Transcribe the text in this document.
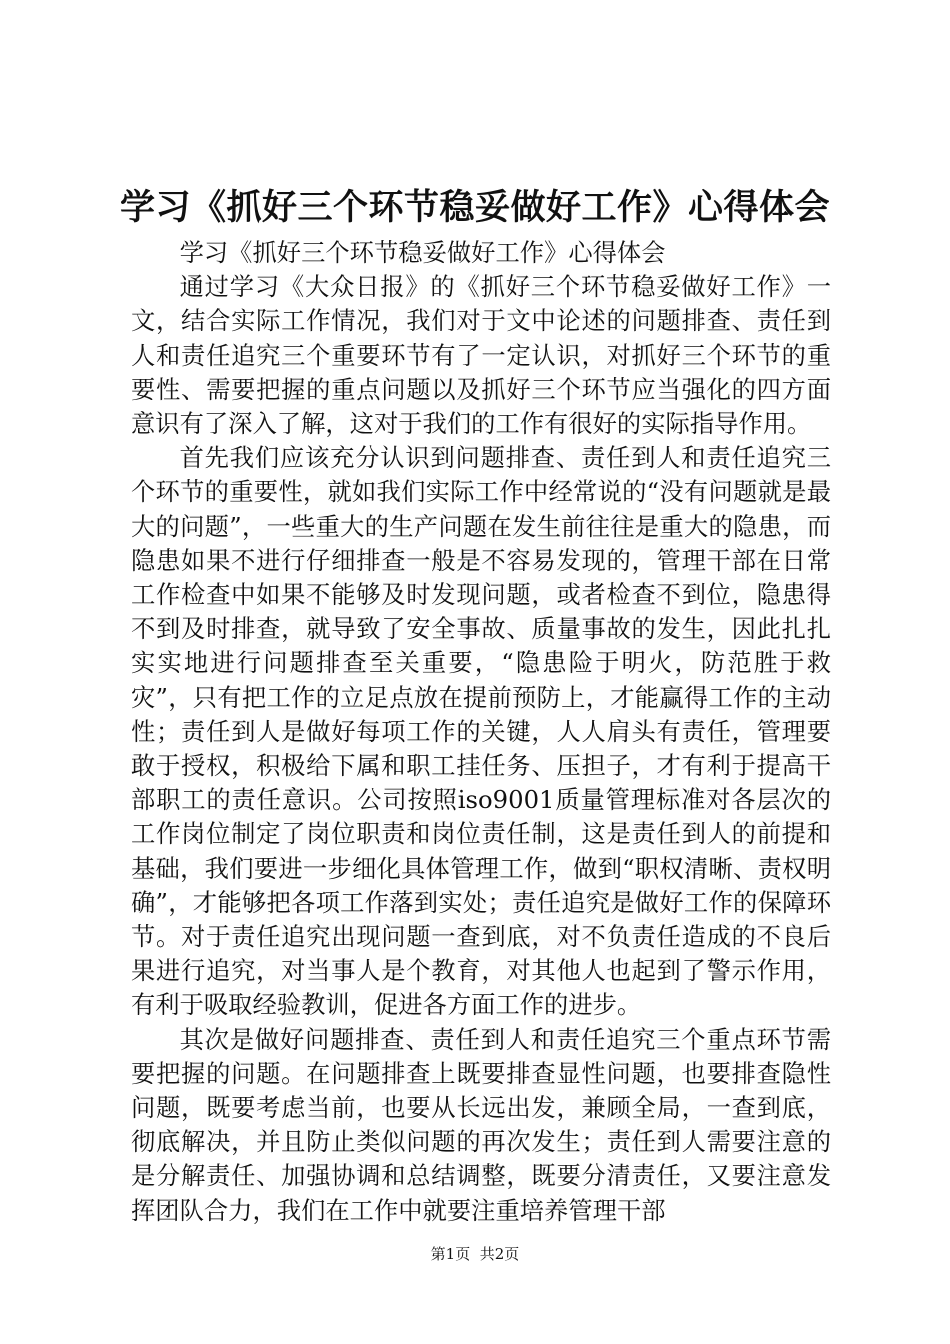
学习《抓好三个环节稳妥做好工作》心得体会

学习《抓好三个环节稳妥做好工作》心得体会

通过学习《大众日报》的《抓好三个环节稳妥做好工作》一文，结合实际工作情况，我们对于文中论述的问题排查、责任到人和责任追究三个重要环节有了一定认识，对抓好三个环节的重要性、需要把握的重点问题以及抓好三个环节应当强化的四方面意识有了深入了解，这对于我们的工作有很好的实际指导作用。

首先我们应该充分认识到问题排查、责任到人和责任追究三个环节的重要性，就如我们实际工作中经常说的“没有问题就是最大的问题”，一些重大的生产问题在发生前往往是重大的隐患，而隐患如果不进行仔细排查一般是不容易发现的，管理干部在日常工作检查中如果不能够及时发现问题，或者检查不到位，隐患得不到及时排查，就导致了安全事故、质量事故的发生，因此扎扎实实地进行问题排查至关重要，“隐患险于明火，防范胜于救灾”，只有把工作的立足点放在提前预防上，才能赢得工作的主动性；责任到人是做好每项工作的关键，人人肩头有责任，管理要敢于授权，积极给下属和职工挂任务、压担子，才有利于提高干部职工的责任意识。公司按照iso9001质量管理标准对各层次的工作岗位制定了岗位职责和岗位责任制，这是责任到人的前提和基础，我们要进一步细化具体管理工作，做到“职权清晰、责权明确”，才能够把各项工作落到实处；责任追究是做好工作的保障环节。对于责任追究出现问题一查到底，对不负责任造成的不良后果进行追究，对当事人是个教育，对其他人也起到了警示作用，有利于吸取经验教训，促进各方面工作的进步。

其次是做好问题排查、责任到人和责任追究三个重点环节需要把握的问题。在问题排查上既要排查显性问题，也要排查隐性问题，既要考虑当前，也要从长远出发，兼顾全局，一查到底，彻底解决，并且防止类似问题的再次发生；责任到人需要注意的是分解责任、加强协调和总结调整，既要分清责任，又要注意发挥团队合力，我们在工作中就要注重培养管理干部

第1页 共2页
